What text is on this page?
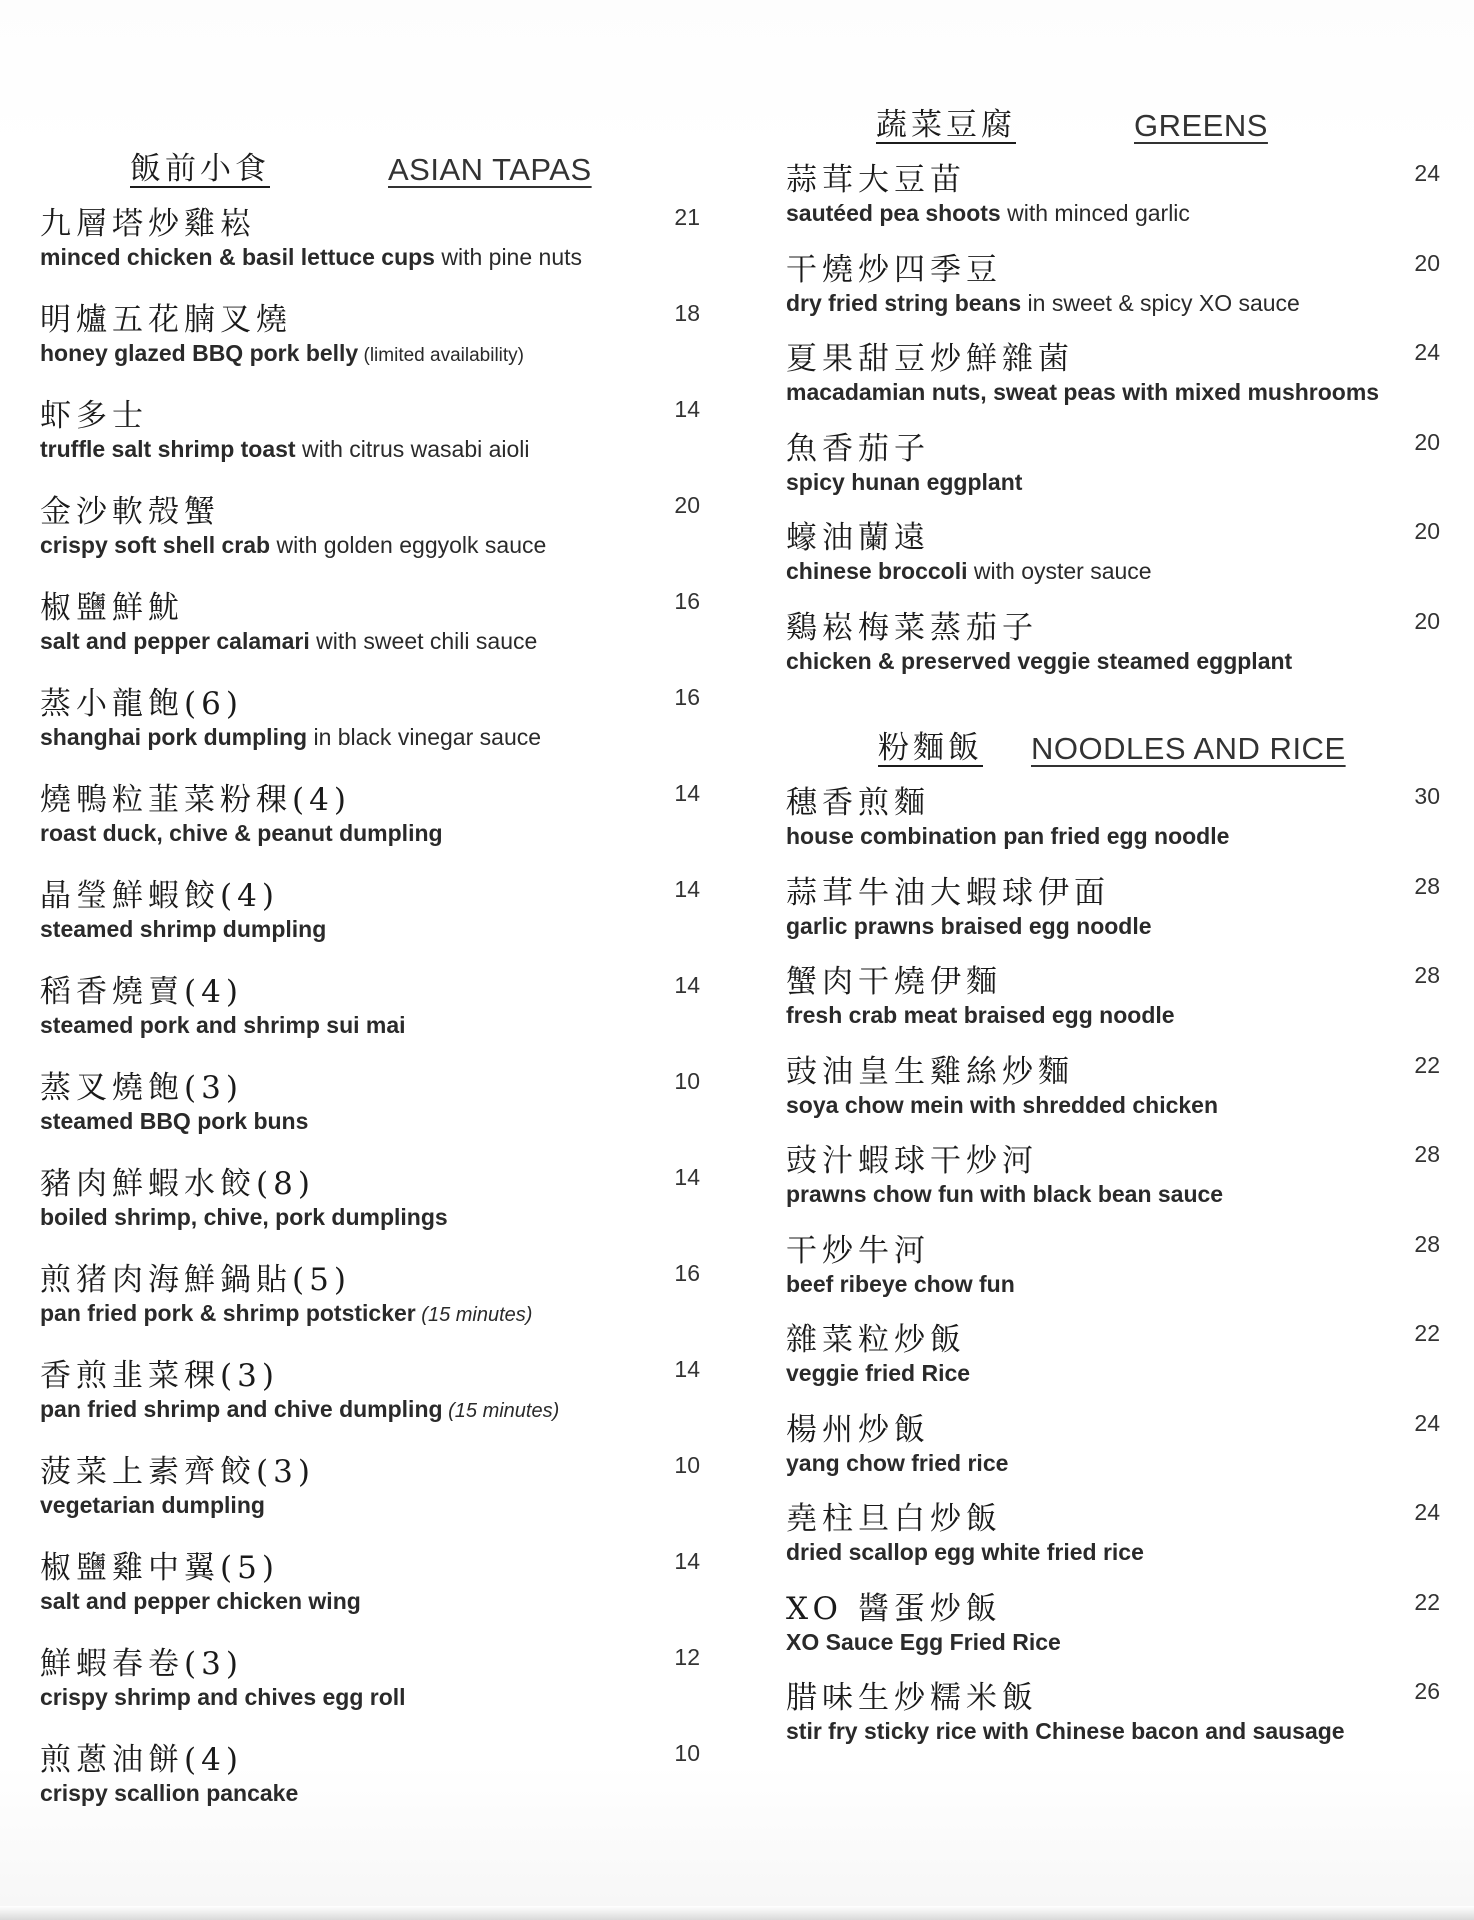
飯前小食	ASIAN TAPAS
九層塔炒雞崧
minced chicken & basil lettuce cups with pine nuts
21
明爐五花腩叉燒
honey glazed BBQ pork belly (limited availability)
18
虾多士
truffle salt shrimp toast with citrus wasabi aioli
14
金沙軟殻蟹
crispy soft shell crab with golden eggyolk sauce
20
椒鹽鮮魷
salt and pepper calamari with sweet chili sauce
16
蒸小龍飽(6)
shanghai pork dumpling in black vinegar sauce
16
燒鴨粒韮菜粉稞(4)
roast duck, chive & peanut dumpling
14
晶瑩鮮蝦餃(4)
steamed shrimp dumpling
14
稻香燒賣(4)
steamed pork and shrimp sui mai
14
蒸叉燒飽(3)
steamed BBQ pork buns
10
豬肉鮮蝦水餃(8)
boiled shrimp, chive, pork dumplings
14
煎猪肉海鮮鍋貼(5)
pan fried pork & shrimp potsticker (15 minutes)
16
香煎韭菜稞(3)
pan fried shrimp and chive dumpling (15 minutes)
14
菠菜上素齊餃(3)
vegetarian dumpling
10
椒鹽雞中翼(5)
salt and pepper chicken wing
14
鮮蝦春卷(3)
crispy shrimp and chives egg roll
12
煎蔥油餅(4)
crispy scallion pancake
10
蔬菜豆腐	GREENS
蒜茸大豆苗
sautéed pea shoots with minced garlic
24
干燒炒四季豆
dry fried string beans in sweet & spicy XO sauce
20
夏果甜豆炒鮮雜菌
macadamian nuts, sweat peas with mixed mushrooms
24
魚香茄子
spicy hunan eggplant
20
蠔油蘭遠
chinese broccoli with oyster sauce
20
鷄崧梅菜蒸茄子
chicken & preserved veggie steamed eggplant
20
粉麵飯 NOODLES AND RICE
穗香煎麵
house combination pan fried egg noodle
30
蒜茸牛油大蝦球伊面
garlic prawns braised egg noodle
28
蟹肉干燒伊麵
fresh crab meat braised egg noodle
28
豉油皇生雞絲炒麵
soya chow mein with shredded chicken
22
豉汁蝦球干炒河
prawns chow fun with black bean sauce
28
干炒牛河
beef ribeye chow fun
28
雜菜粒炒飯
veggie fried Rice
22
楊州炒飯
yang chow fried rice
24
堯柱旦白炒飯
dried scallop egg white fried rice
24
XO 醬蛋炒飯
XO Sauce Egg Fried Rice
22
腊味生炒糯米飯
stir fry sticky rice with Chinese bacon and sausage
26
